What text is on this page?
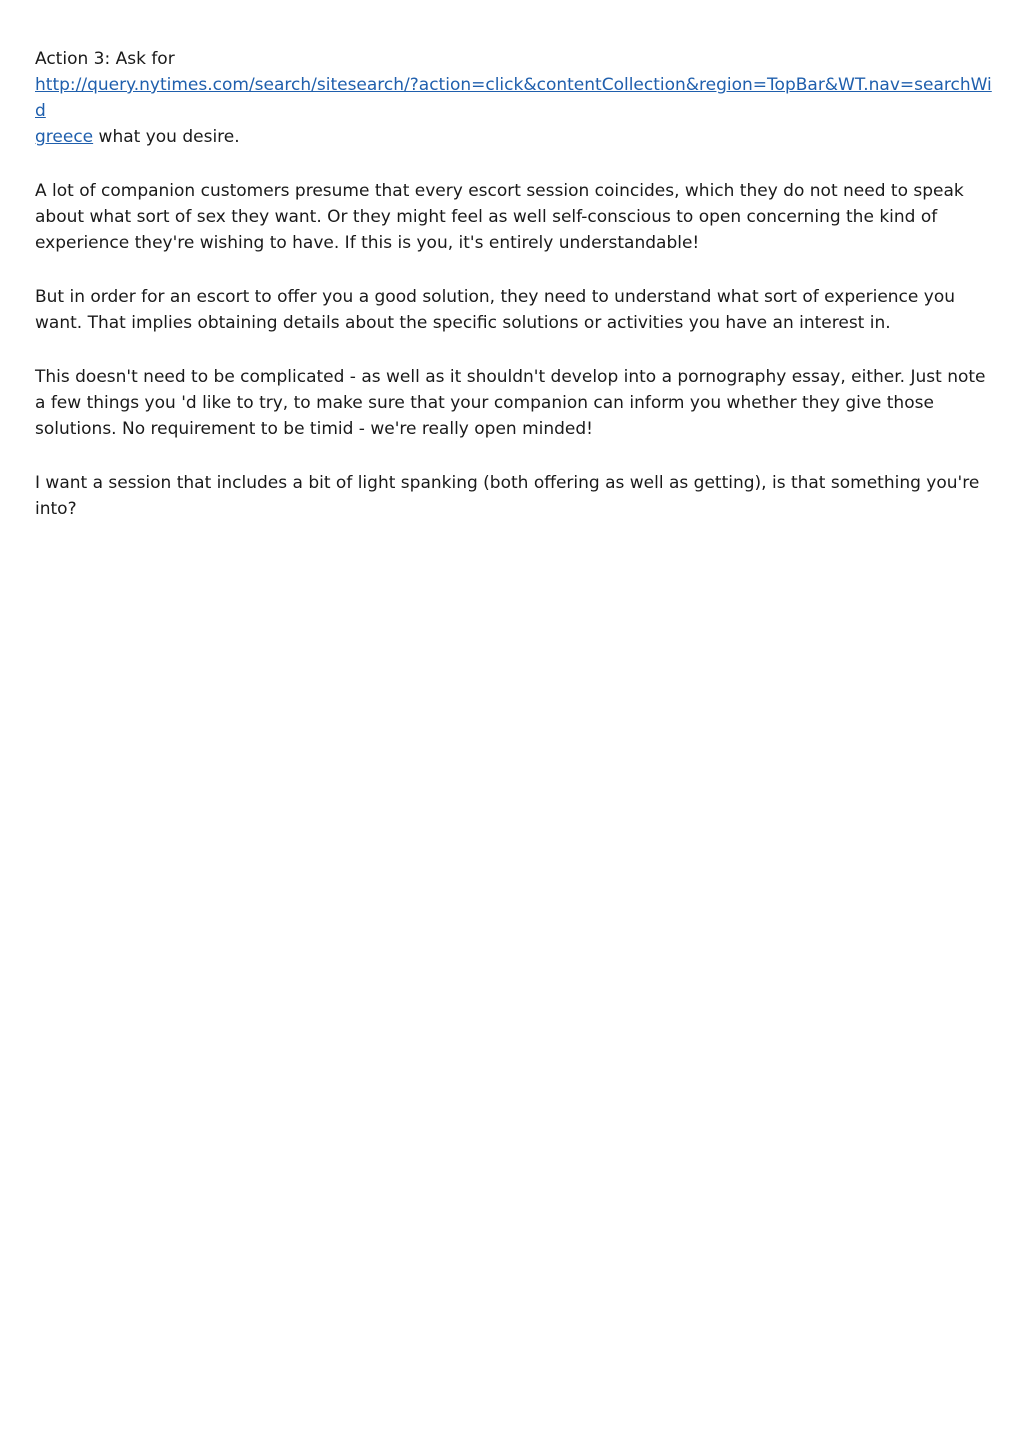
Action 3: Ask for
http://query.nytimes.com/search/sitesearch/?action=click&contentCollection&region=TopBar&WT.nav=searchWid
greece what you desire.

A lot of companion customers presume that every escort session coincides, which they do not need to speak about what sort of sex they want. Or they might feel as well self-conscious to open concerning the kind of experience they're wishing to have. If this is you, it's entirely understandable!

But in order for an escort to offer you a good solution, they need to understand what sort of experience you want. That implies obtaining details about the specific solutions or activities you have an interest in.

This doesn't need to be complicated - as well as it shouldn't develop into a pornography essay, either. Just note a few things you 'd like to try, to make sure that your companion can inform you whether they give those solutions. No requirement to be timid - we're really open minded!

I want a session that includes a bit of light spanking (both offering as well as getting), is that something you're into?
